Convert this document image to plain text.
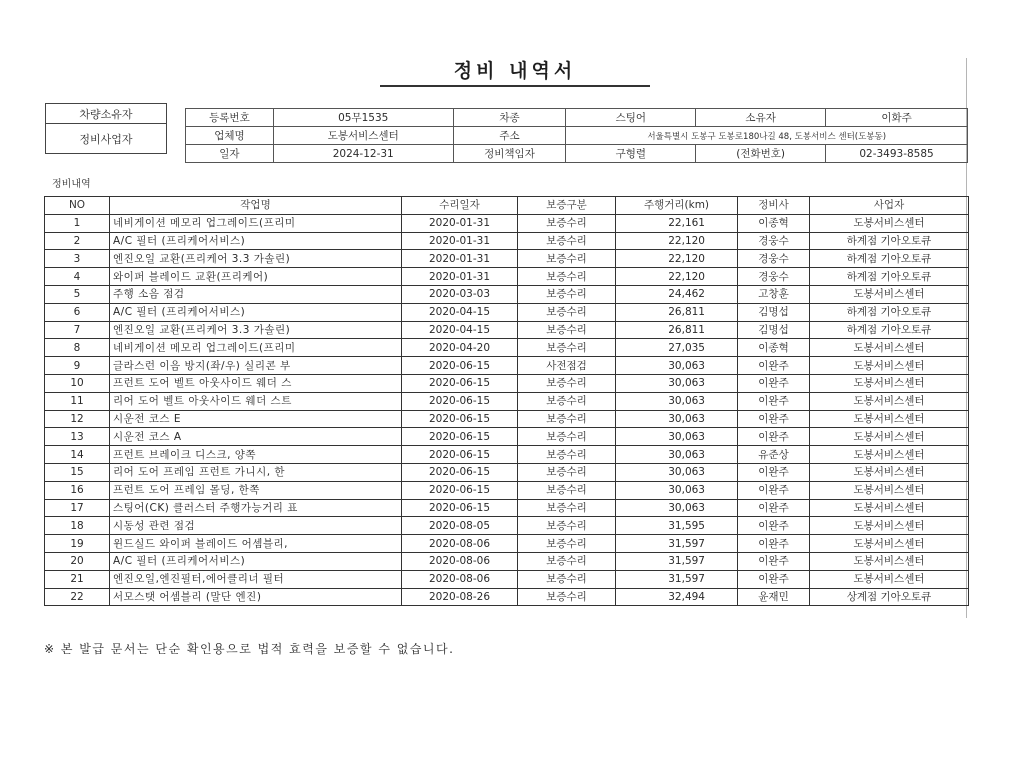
정비 내역서
차량소유자
정비사업자
등록번호	05무1535	차종	스팅어	소유자	이화주
업체명	도봉서비스센터	주소	서울특별시 도봉구 도봉로180나길 48, 도봉서비스 센터(도봉동)		
일자	2024-12-31	정비책임자	구형렬	(전화번호)	02-3493-8585
정비내역
NO	작업명	수리일자	보증구분	주행거리(km)	정비사	사업자
1	네비게이션 메모리 업그레이드(프리미	2020-01-31	보증수리	22,161	이종혁	도봉서비스센터
2	A/C 필터 (프리케어서비스)	2020-01-31	보증수리	22,120	경웅수	하계점 기아오토큐
3	엔진오일 교환(프리케어 3.3 가솔린)	2020-01-31	보증수리	22,120	경웅수	하계점 기아오토큐
4	와이퍼 블레이드 교환(프리케어)	2020-01-31	보증수리	22,120	경웅수	하계점 기아오토큐
5	주행 소음 점검	2020-03-03	보증수리	24,462	고창훈	도봉서비스센터
6	A/C 필터 (프리케어서비스)	2020-04-15	보증수리	26,811	김명섭	하계점 기아오토큐
7	엔진오일 교환(프리케어 3.3 가솔린)	2020-04-15	보증수리	26,811	김명섭	하계점 기아오토큐
8	네비게이션 메모리 업그레이드(프리미	2020-04-20	보증수리	27,035	이종혁	도봉서비스센터
9	글라스런 이음 방지(좌/우) 실리콘 부	2020-06-15	사전점검	30,063	이완주	도봉서비스센터
10	프런트 도어 벨트 아웃사이드 웨더 스	2020-06-15	보증수리	30,063	이완주	도봉서비스센터
11	리어 도어 벨트 아웃사이드 웨더 스트	2020-06-15	보증수리	30,063	이완주	도봉서비스센터
12	시운전 코스 E	2020-06-15	보증수리	30,063	이완주	도봉서비스센터
13	시운전 코스 A	2020-06-15	보증수리	30,063	이완주	도봉서비스센터
14	프런트 브레이크 디스크, 양쪽	2020-06-15	보증수리	30,063	유준상	도봉서비스센터
15	리어 도어 프레임 프런트 가니시, 한	2020-06-15	보증수리	30,063	이완주	도봉서비스센터
16	프런트 도어 프레임 몰딩, 한쪽	2020-06-15	보증수리	30,063	이완주	도봉서비스센터
17	스팅어(CK) 클러스터 주행가능거리 표	2020-06-15	보증수리	30,063	이완주	도봉서비스센터
18	시동성 관련 점검	2020-08-05	보증수리	31,595	이완주	도봉서비스센터
19	윈드실드 와이퍼 블레이드 어셈블리,	2020-08-06	보증수리	31,597	이완주	도봉서비스센터
20	A/C 필터 (프리케어서비스)	2020-08-06	보증수리	31,597	이완주	도봉서비스센터
21	엔진오일,엔진필터,에어클리너 필터	2020-08-06	보증수리	31,597	이완주	도봉서비스센터
22	서모스탯 어셈블리 (말단 엔진)	2020-08-26	보증수리	32,494	윤재민	상계점 기아오토큐
※ 본 발급 문서는 단순 확인용으로 법적 효력을 보증할 수 없습니다.
